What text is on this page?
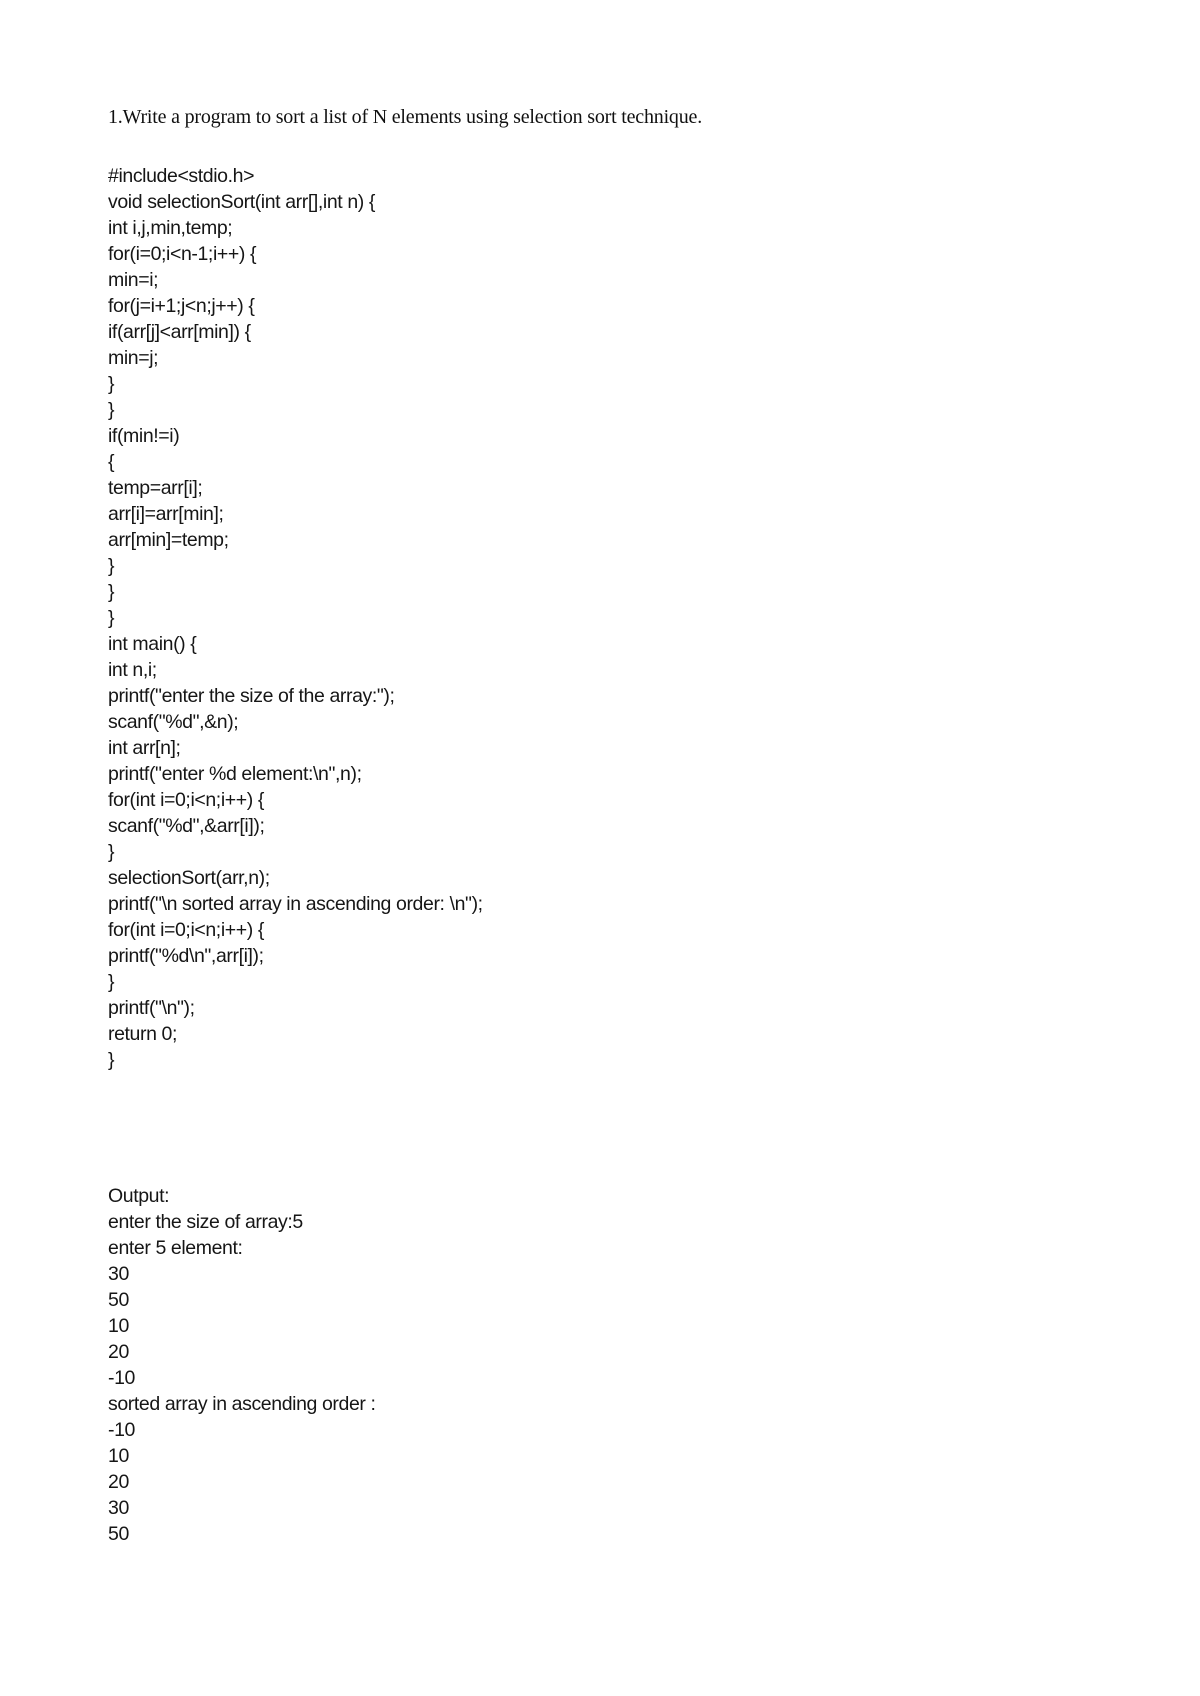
1.Write a program to sort a list of N elements using selection sort technique.
#include<stdio.h>
void selectionSort(int arr[],int n) {
int i,j,min,temp;
for(i=0;i<n-1;i++) {
min=i;
for(j=i+1;j<n;j++) {
if(arr[j]<arr[min]) {
min=j;
}
}
if(min!=i)
{
temp=arr[i];
arr[i]=arr[min];
arr[min]=temp;
}
}
}
int main() {
int n,i;
printf("enter the size of the array:");
scanf("%d",&n);
int arr[n];
printf("enter %d element:\n",n);
for(int i=0;i<n;i++) {
scanf("%d",&arr[i]);
}
selectionSort(arr,n);
printf("\n sorted array in ascending order: \n");
for(int i=0;i<n;i++) {
printf("%d\n",arr[i]);
}
printf("\n");
return 0;
}
Output:
enter the size of array:5
enter 5 element:
30
50
10
20
-10
sorted array in ascending order :
-10
10
20
30
50
